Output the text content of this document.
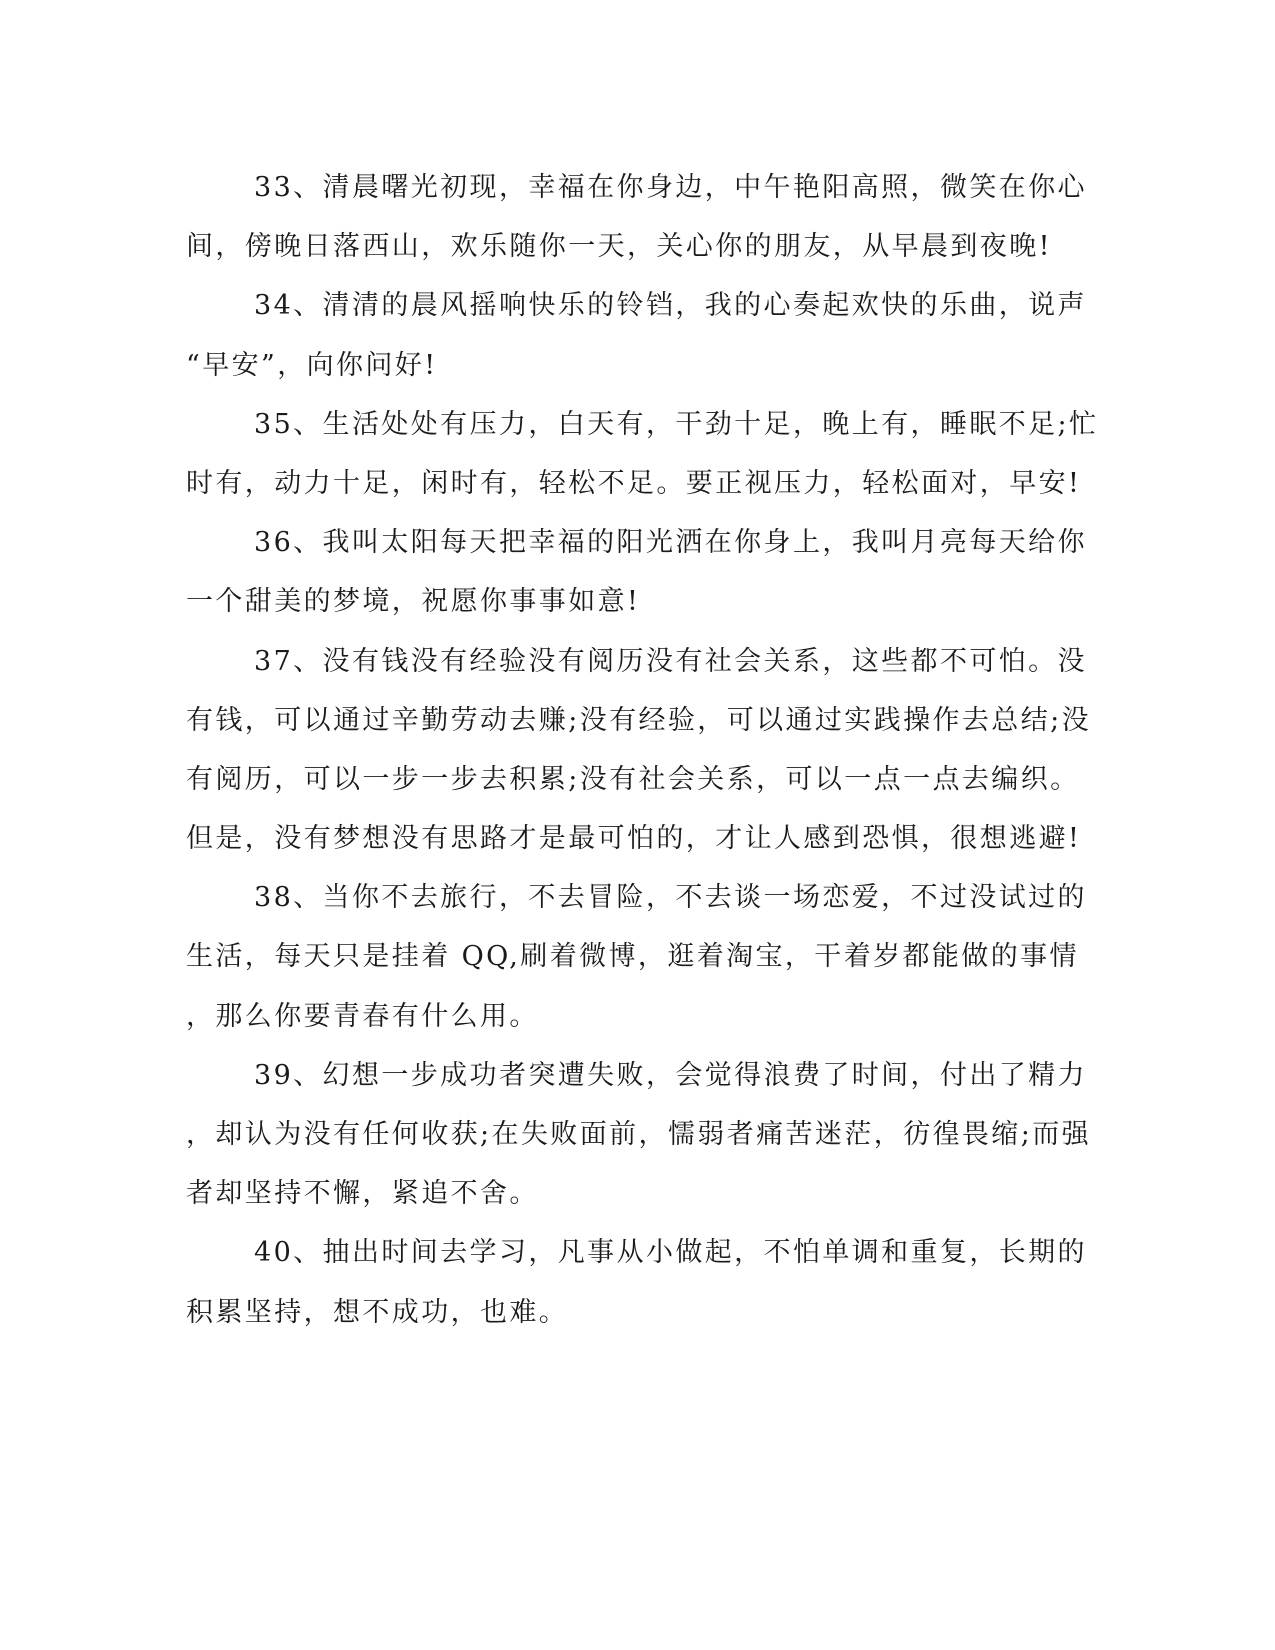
33、清晨曙光初现，幸福在你身边，中午艳阳高照，微笑在你心
间，傍晚日落西山，欢乐随你一天，关心你的朋友，从早晨到夜晚!
34、清清的晨风摇响快乐的铃铛，我的心奏起欢快的乐曲，说声
“早安”，向你问好!
35、生活处处有压力，白天有，干劲十足，晚上有，睡眠不足;忙
时有，动力十足，闲时有，轻松不足。要正视压力，轻松面对，早安!
36、我叫太阳每天把幸福的阳光洒在你身上，我叫月亮每天给你
一个甜美的梦境，祝愿你事事如意!
37、没有钱没有经验没有阅历没有社会关系，这些都不可怕。没
有钱，可以通过辛勤劳动去赚;没有经验，可以通过实践操作去总结;没
有阅历，可以一步一步去积累;没有社会关系，可以一点一点去编织。
但是，没有梦想没有思路才是最可怕的，才让人感到恐惧，很想逃避!
38、当你不去旅行，不去冒险，不去谈一场恋爱，不过没试过的
生活，每天只是挂着 QQ,刷着微博，逛着淘宝，干着岁都能做的事情
，那么你要青春有什么用。
39、幻想一步成功者突遭失败，会觉得浪费了时间，付出了精力
，却认为没有任何收获;在失败面前，懦弱者痛苦迷茫，彷徨畏缩;而强
者却坚持不懈，紧追不舍。
40、抽出时间去学习，凡事从小做起，不怕单调和重复，长期的
积累坚持，想不成功，也难。
